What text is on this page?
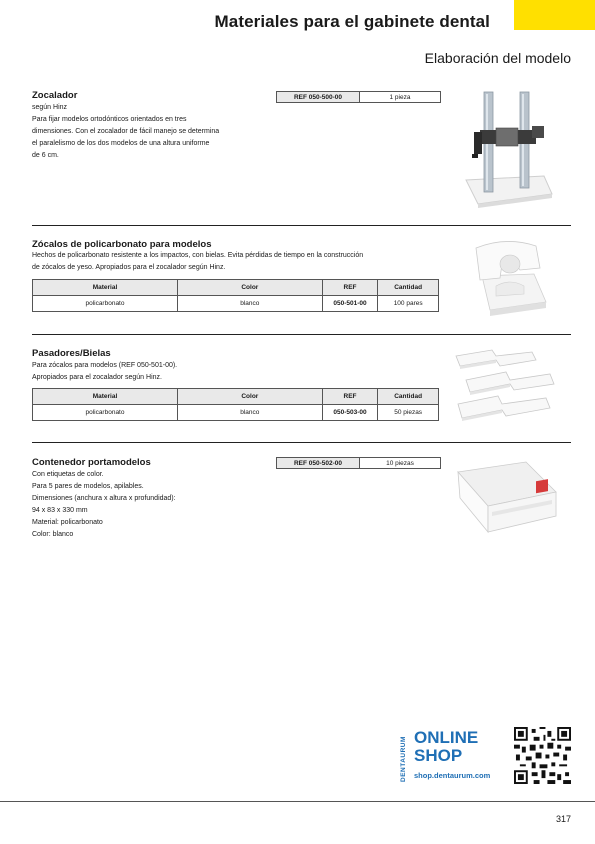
Materiales para el gabinete dental
Elaboración del modelo
Zocalador
según Hinz
Para fijar modelos ortodónticos orientados en tres
dimensiones. Con el zocalador de fácil manejo se determina
el paralelismo de los dos modelos de una altura uniforme
de 6 cm.
REF 050-500-00	1 pieza
Zócalos de policarbonato para modelos
Hechos de policarbonato resistente a los impactos, con bielas. Evita pérdidas de tiempo en la construcción
de zócalos de yeso. Apropiados para el zocalador según Hinz.
Material	Color	REF	Cantidad
policarbonato	blanco	050-501-00	100 pares
Pasadores/Bielas
Para zócalos para modelos (REF 050-501-00).
Apropiados para el zocalador según Hinz.
Material	Color	REF	Cantidad
policarbonato	blanco	050-503-00	50 piezas
Contenedor portamodelos
Con etiquetas de color.
Para 5 pares de modelos, apilables.
Dimensiones (anchura x altura x profundidad):
94 x 83 x 330 mm
Material: policarbonato
Color: blanco
REF 050-502-00	10 piezas
DENTAURUM ONLINE
SHOP
shop.dentaurum.com
317
